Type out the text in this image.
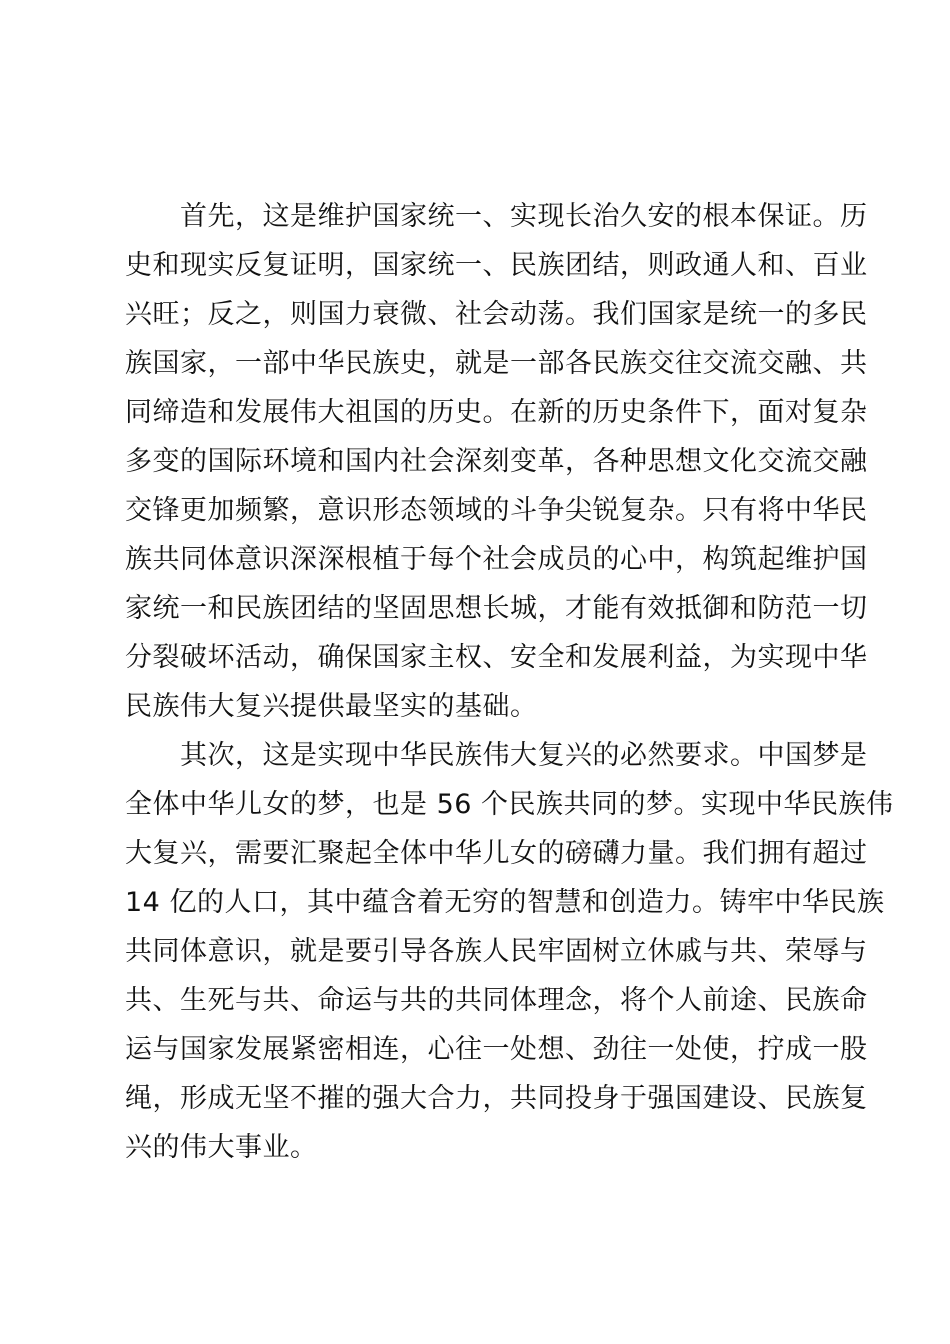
　　首先，这是维护国家统一、实现长治久安的根本保证。历
史和现实反复证明，国家统一、民族团结，则政通人和、百业
兴旺；反之，则国力衰微、社会动荡。我们国家是统一的多民
族国家，一部中华民族史，就是一部各民族交往交流交融、共
同缔造和发展伟大祖国的历史。在新的历史条件下，面对复杂
多变的国际环境和国内社会深刻变革，各种思想文化交流交融
交锋更加频繁，意识形态领域的斗争尖锐复杂。只有将中华民
族共同体意识深深根植于每个社会成员的心中，构筑起维护国
家统一和民族团结的坚固思想长城，才能有效抵御和防范一切
分裂破坏活动，确保国家主权、安全和发展利益，为实现中华
民族伟大复兴提供最坚实的基础。
　　其次，这是实现中华民族伟大复兴的必然要求。中国梦是
全体中华儿女的梦，也是 56 个民族共同的梦。实现中华民族伟
大复兴，需要汇聚起全体中华儿女的磅礴力量。我们拥有超过
14 亿的人口，其中蕴含着无穷的智慧和创造力。铸牢中华民族
共同体意识，就是要引导各族人民牢固树立休戚与共、荣辱与
共、生死与共、命运与共的共同体理念，将个人前途、民族命
运与国家发展紧密相连，心往一处想、劲往一处使，拧成一股
绳，形成无坚不摧的强大合力，共同投身于强国建设、民族复
兴的伟大事业。
